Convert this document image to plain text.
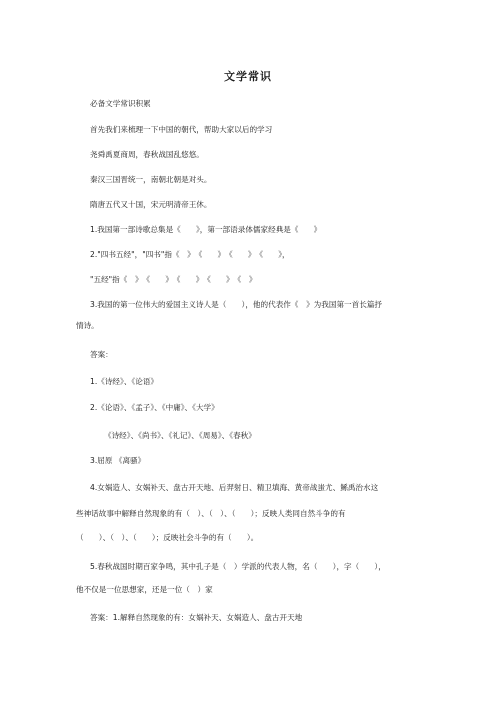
文学常识
必备文学常识积累
首先我们来梳理一下中国的朝代，帮助大家以后的学习
尧舜禹夏商周，春秋战国乱悠悠。
秦汉三国晋统一，南朝北朝是对头。
隋唐五代又十国，宋元明清帝王休。
1.我国第一部诗歌总集是《　　》，第一部语录体儒家经典是《　　》
2."四书五经"，"四书"指《　》　《　　》　《　　》　《　　》，
"五经"指《　》　《　　》　《　　》　《　　》　《　》
3.我国的第一位伟大的爱国主义诗人是（　　），他的代表作《　》为我国第一首长篇抒
情诗。
答案：
1.《诗经》、《论语》
2.《论语》、《孟子》、《中庸》、《大学》
《诗经》、《尚书》、《礼记》、《周易》、《春秋》
3.屈原 《离骚》
4.女娲造人、女娲补天、盘古开天地、后羿射日、精卫填海、黄帝战蚩尤、鲧禹治水这
些神话故事中解释自然现象的有（　）、（　）、（　　）；反映人类同自然斗争的有
（　　）、（　）、（　　）；反映社会斗争的有（　　）。
5.春秋战国时期百家争鸣，其中孔子是（　）学派的代表人物，名（　　），字（　　），
他不仅是一位思想家，还是一位（　）家
答案：1.解释自然现象的有：女娲补天、女娲造人、盘古开天地
